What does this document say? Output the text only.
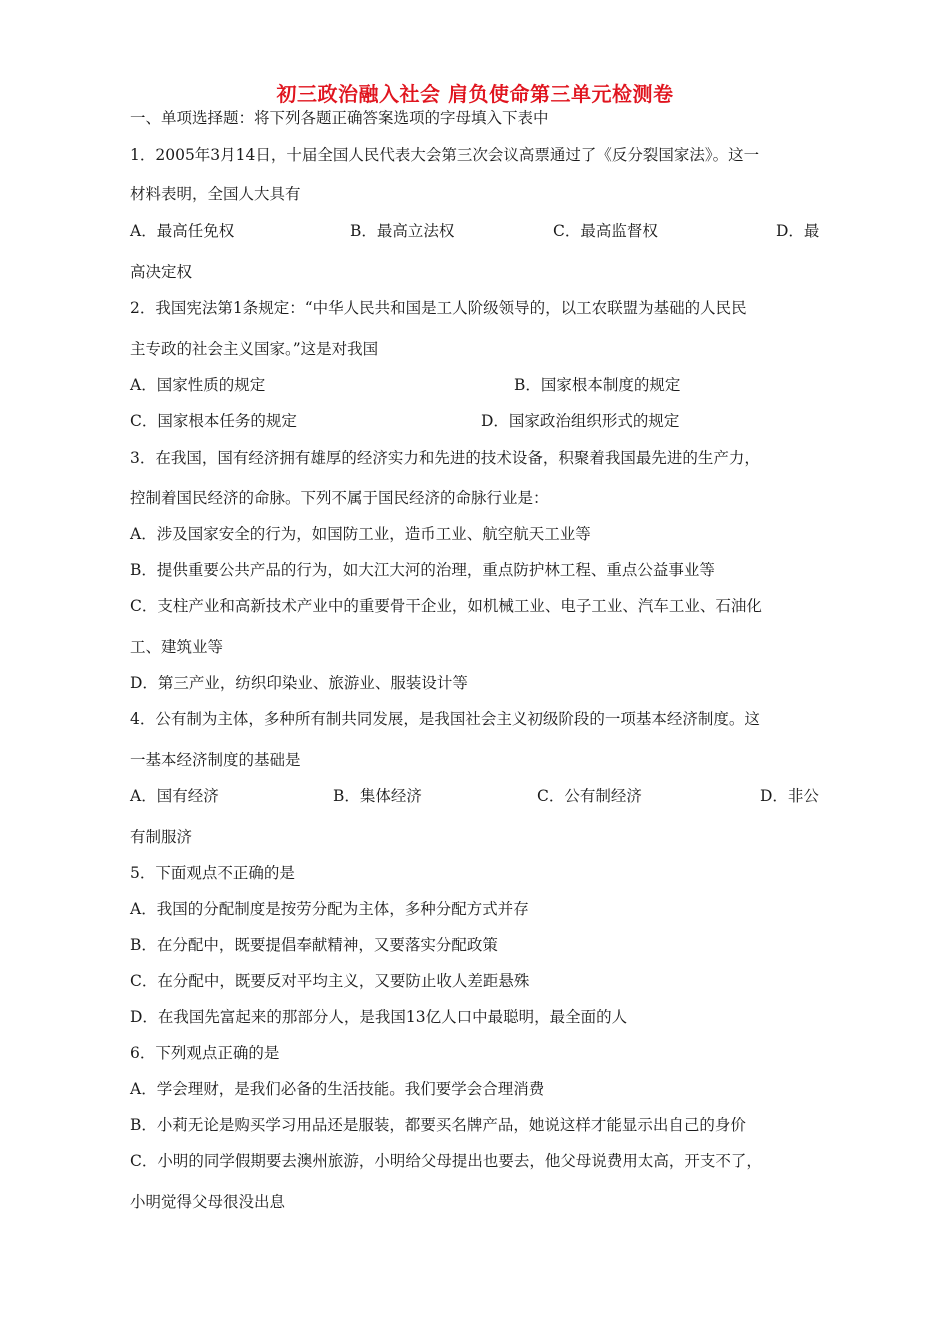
初三政治融入社会 肩负使命第三单元检测卷
一、单项选择题：将下列各题正确答案选项的字母填入下表中
1．2005年3月14日，十届全国人民代表大会第三次会议高票通过了《反分裂国家法》。这一
材料表明，全国人大具有
A．最高任免权	B．最高立法权	C．最高监督权	D．最
高决定权
2．我国宪法第1条规定：“中华人民共和国是工人阶级领导的，以工农联盟为基础的人民民
主专政的社会主义国家。”这是对我国
A．国家性质的规定	B．国家根本制度的规定
C．国家根本任务的规定	D．国家政治组织形式的规定
3．在我国，国有经济拥有雄厚的经济实力和先进的技术设备，积聚着我国最先进的生产力，
控制着国民经济的命脉。下列不属于国民经济的命脉行业是：
A．涉及国家安全的行为，如国防工业，造币工业、航空航天工业等
B．提供重要公共产品的行为，如大江大河的治理，重点防护林工程、重点公益事业等
C．支柱产业和高新技术产业中的重要骨干企业，如机械工业、电子工业、汽车工业、石油化
工、建筑业等
D．第三产业，纺织印染业、旅游业、服装设计等
4．公有制为主体，多种所有制共同发展，是我国社会主义初级阶段的一项基本经济制度。这
一基本经济制度的基础是
A．国有经济	B．集体经济	C．公有制经济	D．非公
有制服济
5．下面观点不正确的是
A．我国的分配制度是按劳分配为主体，多种分配方式并存
B．在分配中，既要提倡奉献精神，又要落实分配政策
C．在分配中，既要反对平均主义，又要防止收人差距悬殊
D．在我国先富起来的那部分人，是我国13亿人口中最聪明，最全面的人
6．下列观点正确的是
A．学会理财，是我们必备的生活技能。我们要学会合理消费
B．小莉无论是购买学习用品还是服装，都要买名牌产品，她说这样才能显示出自己的身价
C．小明的同学假期要去澳州旅游，小明给父母提出也要去，他父母说费用太高，开支不了，
小明觉得父母很没出息
